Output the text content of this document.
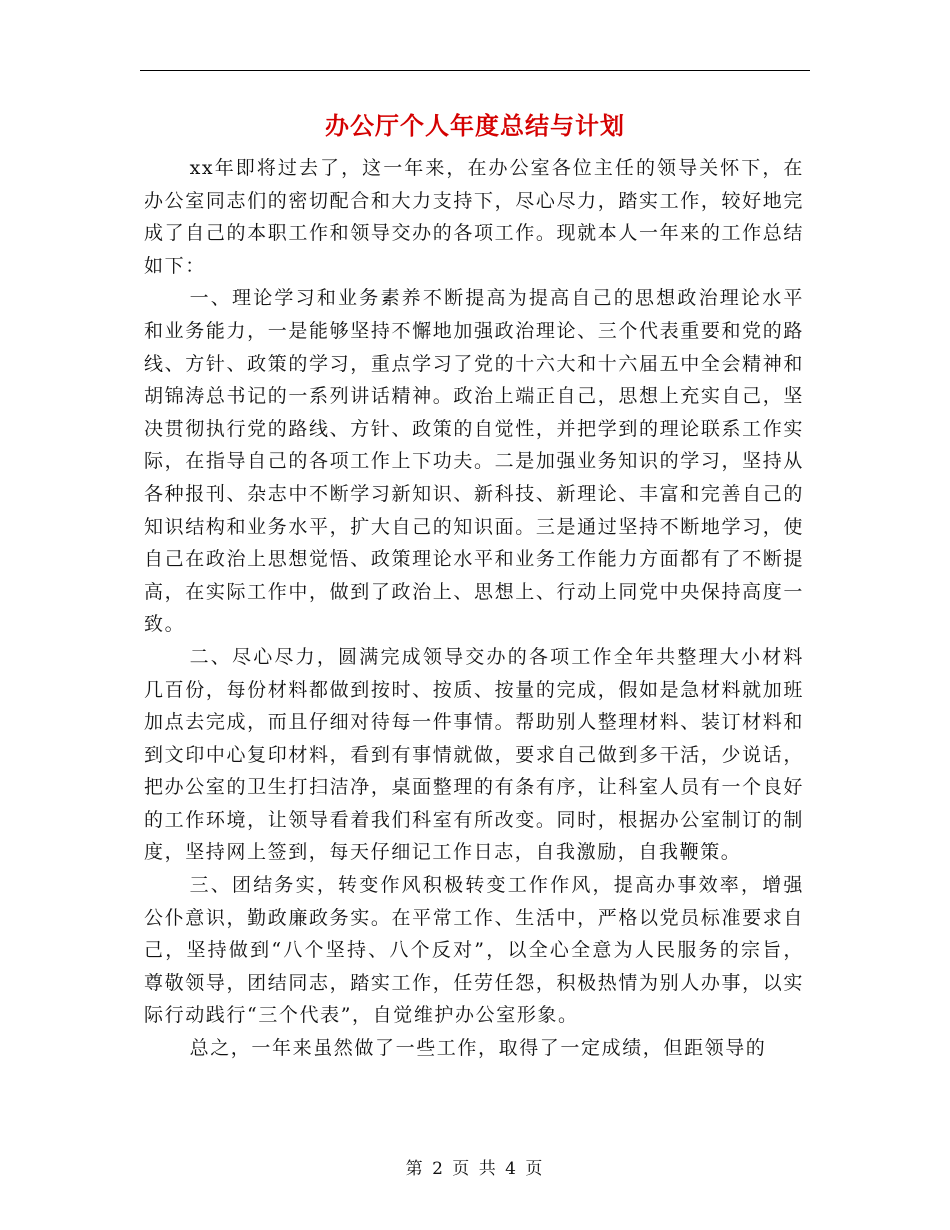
办公厅个人年度总结与计划

xx年即将过去了，这一年来，在办公室各位主任的领导关怀下，在办公室同志们的密切配合和大力支持下，尽心尽力，踏实工作，较好地完成了自己的本职工作和领导交办的各项工作。现就本人一年来的工作总结如下：

一、理论学习和业务素养不断提高为提高自己的思想政治理论水平和业务能力，一是能够坚持不懈地加强政治理论、三个代表重要和党的路线、方针、政策的学习，重点学习了党的十六大和十六届五中全会精神和胡锦涛总书记的一系列讲话精神。政治上端正自己，思想上充实自己，坚决贯彻执行党的路线、方针、政策的自觉性，并把学到的理论联系工作实际，在指导自己的各项工作上下功夫。二是加强业务知识的学习，坚持从各种报刊、杂志中不断学习新知识、新科技、新理论、丰富和完善自己的知识结构和业务水平，扩大自己的知识面。三是通过坚持不断地学习，使自己在政治上思想觉悟、政策理论水平和业务工作能力方面都有了不断提高，在实际工作中，做到了政治上、思想上、行动上同党中央保持高度一致。

二、尽心尽力，圆满完成领导交办的各项工作全年共整理大小材料几百份，每份材料都做到按时、按质、按量的完成，假如是急材料就加班加点去完成，而且仔细对待每一件事情。帮助别人整理材料、装订材料和到文印中心复印材料，看到有事情就做，要求自己做到多干活，少说话，把办公室的卫生打扫洁净，桌面整理的有条有序，让科室人员有一个良好的工作环境，让领导看着我们科室有所改变。同时，根据办公室制订的制度，坚持网上签到，每天仔细记工作日志，自我激励，自我鞭策。

三、团结务实，转变作风积极转变工作作风，提高办事效率，增强公仆意识，勤政廉政务实。在平常工作、生活中，严格以党员标准要求自己，坚持做到“八个坚持、八个反对”，以全心全意为人民服务的宗旨，尊敬领导，团结同志，踏实工作，任劳任怨，积极热情为别人办事，以实际行动践行“三个代表”，自觉维护办公室形象。

总之，一年来虽然做了一些工作，取得了一定成绩，但距领导的

第 2 页 共 4 页
